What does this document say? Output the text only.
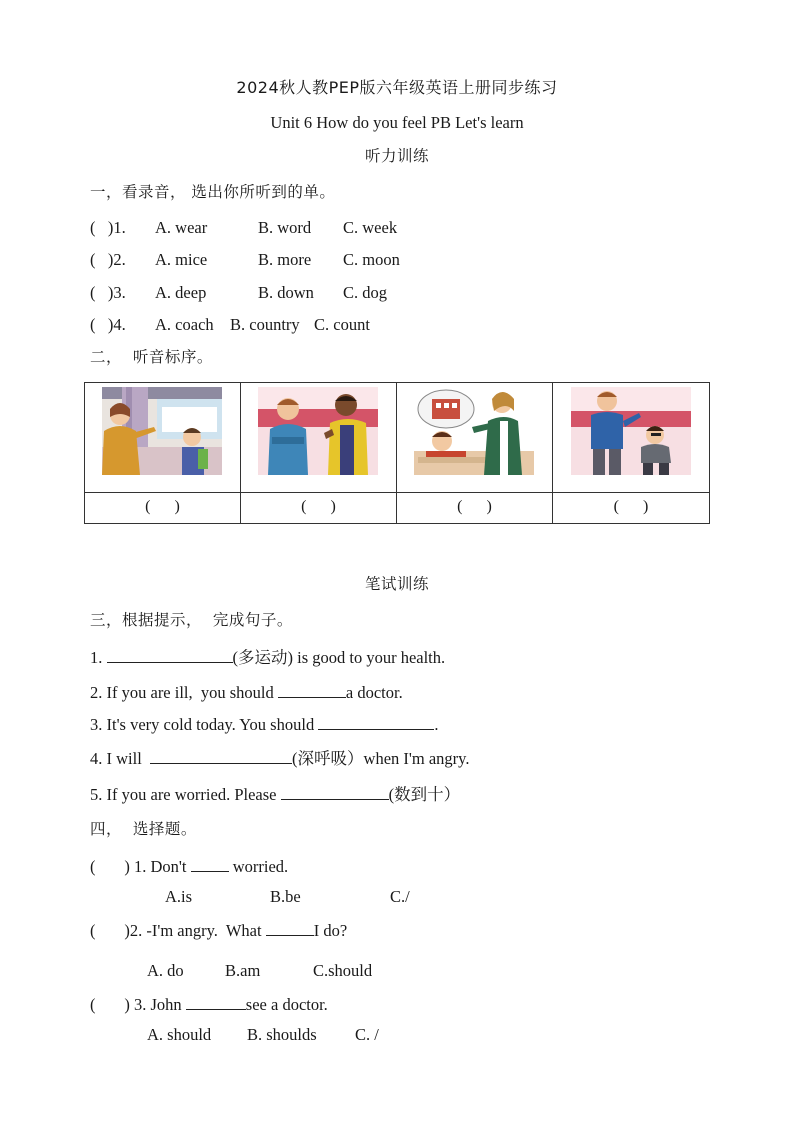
2024秋人教PEP版六年级英语上册同步练习
Unit 6 How do you feel PB Let's learn
听力训练
一，看录音， 选出你所听到的单。

(   )1.

A. wear

	B. word

C. week

(   )2.

A. mice

	B. more

C. moon

(   )3.

A. deep

	B. down

C. dog

(   )4.

A. coach

B. country

C. count

二，  听音标序。
(      )	(      )	(      )	(      )
笔试训练
三，根据提示，  完成句子。
1.	(多运动) is good to your health.
2. If you are ill,  you should	a doctor.
3. It's very cold today. You should	.
4. I will	(深呼吸）when I'm angry.
5. If you are worried. Please	(数到十）
四，  选择题。
(       ) 1. Don't  worried.
A.is	B.be	C./
(       )2. -I'm angry.  What	I do?
A. do	B.am	C.should
(       ) 3. John	see a doctor.
A. should B. shoulds C. /
